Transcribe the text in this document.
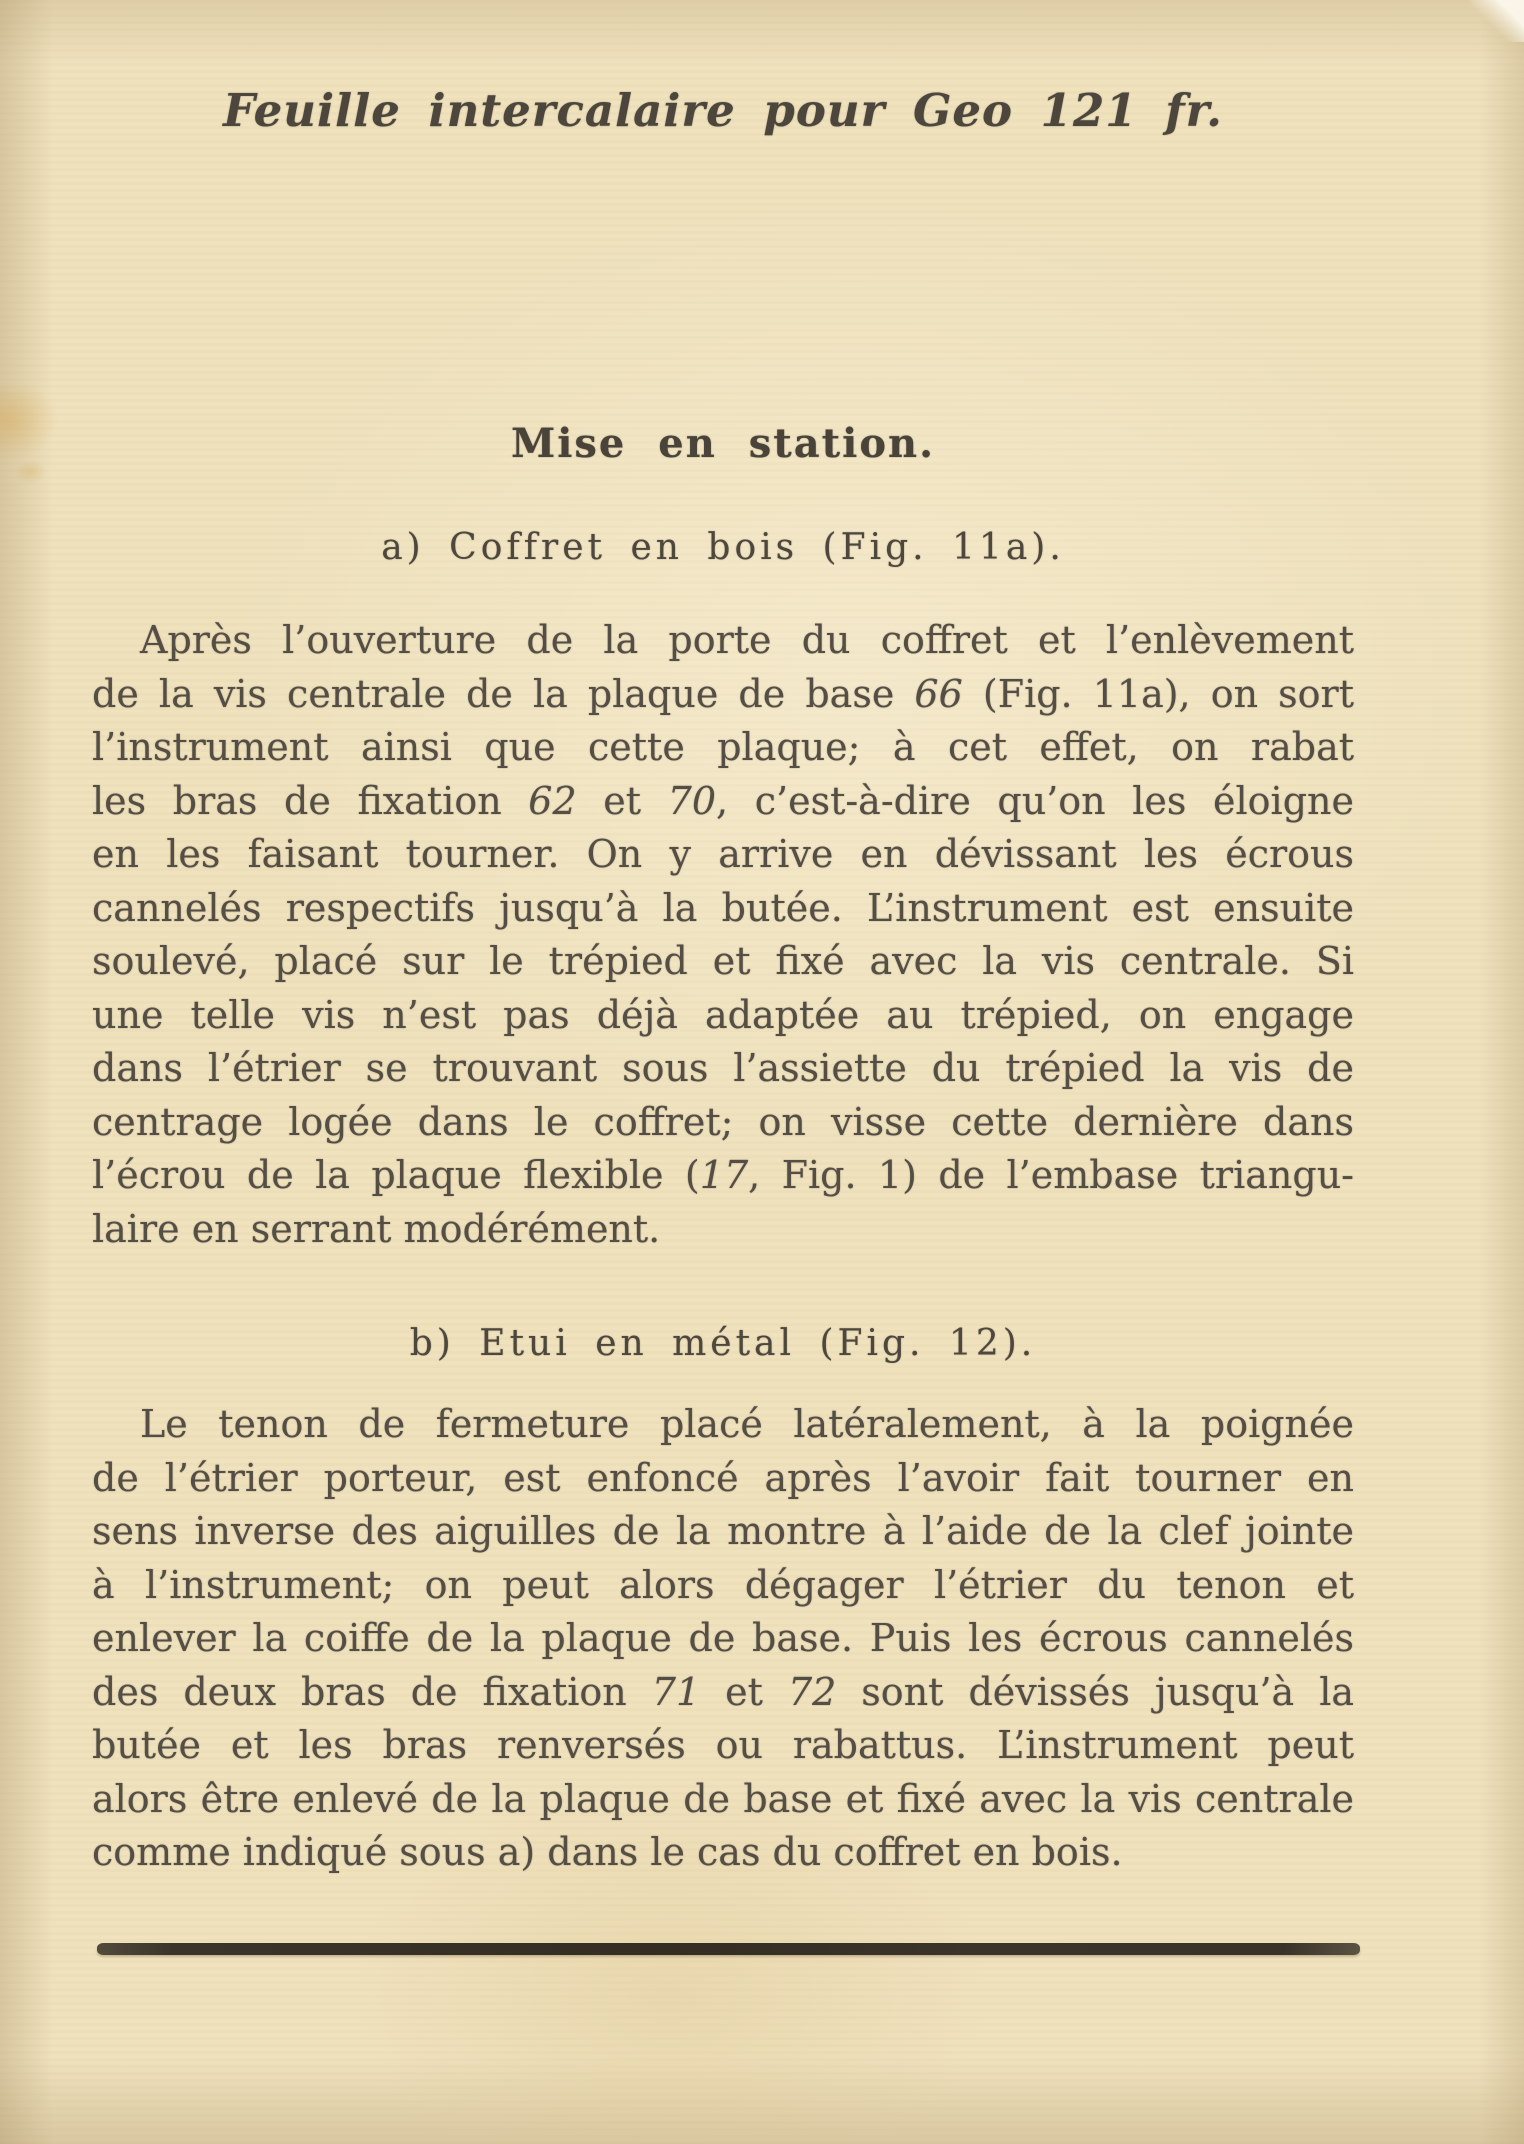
Feuille intercalaire pour Geo 121 fr.
Mise en station.
a) Coffret en bois (Fig. 11a).
Après l’ouverture de la porte du coffret et l’enlèvement
de la vis centrale de la plaque de base 66 (Fig. 11a), on sort
l’instrument ainsi que cette plaque; à cet effet, on rabat
les bras de fixation 62 et 70, c’est-à-dire qu’on les éloigne
en les faisant tourner. On y arrive en dévissant les écrous
cannelés respectifs jusqu’à la butée. L’instrument est ensuite
soulevé, placé sur le trépied et fixé avec la vis centrale. Si
une telle vis n’est pas déjà adaptée au trépied, on engage
dans l’étrier se trouvant sous l’assiette du trépied la vis de
centrage logée dans le coffret; on visse cette dernière dans
l’écrou de la plaque flexible (17, Fig. 1) de l’embase triangu-
laire en serrant modérément.
b) Etui en métal (Fig. 12).
Le tenon de fermeture placé latéralement, à la poignée
de l’étrier porteur, est enfoncé après l’avoir fait tourner en
sens inverse des aiguilles de la montre à l’aide de la clef jointe
à l’instrument; on peut alors dégager l’étrier du tenon et
enlever la coiffe de la plaque de base. Puis les écrous cannelés
des deux bras de fixation 71 et 72 sont dévissés jusqu’à la
butée et les bras renversés ou rabattus. L’instrument peut
alors être enlevé de la plaque de base et fixé avec la vis centrale
comme indiqué sous a) dans le cas du coffret en bois.
